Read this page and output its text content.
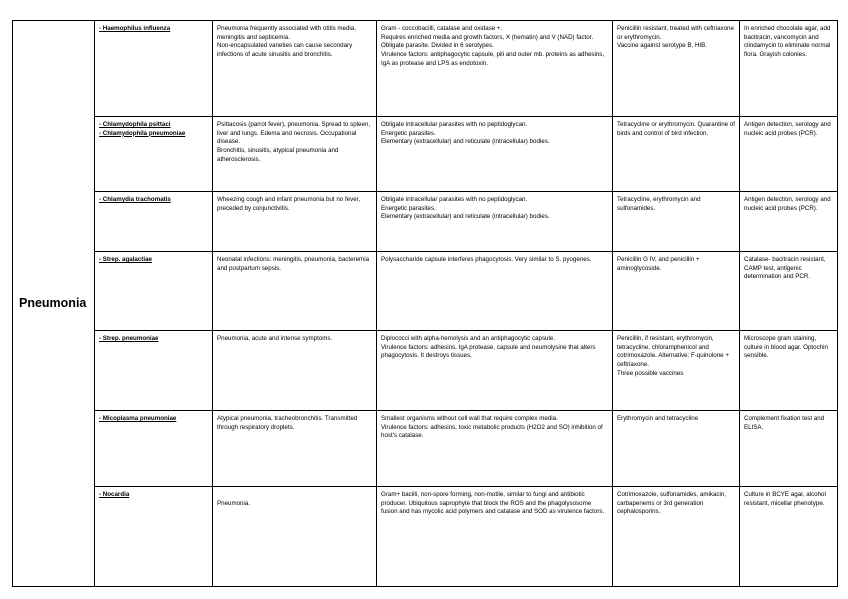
Pneumonia	- Haemophilus influenza	Pneumonia frequently associated with otitis media, meningitis and septicemia.
Non-encapsulated varieties can cause secondary infections of acute sinusitis and bronchitis.	Gram - coccobacilli, catalase and oxidase +.
Requires enriched media and growth factors, X (hematin) and V (NAD) factor.
Obligate parasite. Divided in 6 serotypes.
Virulence factors: antiphagocytic capsule, pili and outer mb. proteins as adhesins, IgA as protease and LPS as endotoxin.	Penicillin resistant, treated with ceftriaxone or erythromycin.
Vaccine against serotype B, HIB.	In enriched chocolate agar, add bacitracin, vancomycin and clindamycin to eliminate normal flora. Grayish colonies.

	- Chlamydophila psittaci
- Chlamydophila pneumoniae	Psittacosis (parrot fever), pneumonia. Spread to spleen, liver and lungs. Edema and necrosis. Occupational disease.
Bronchitis, sinusitis, atypical pneumonia and atherosclerosis.	Obligate intracellular parasites with no peptidoglycan.
Energetic parasites.
Elementary (extracellular) and reticulate (intracellular) bodies.	Tetracycline or erythromycin. Quarantine of birds and control of bird infection.	Antigen detection, serology and nucleic acid probes (PCR).

	- Chlamydia trachomatis	Wheezing cough and infant pneumonia but no fever, preceded by conjunctivitis.	Obligate intracellular parasites with no peptidoglycan.
Energetic parasites.
Elementary (extracellular) and reticulate (intracellular) bodies.	Tetracycline, erythromycin and sulfonamides.	Antigen detection, serology and nucleic acid probes (PCR).

	- Strep. agalactiae	Neonatal infections: meningitis, pneumonia, bacteremia and postpartum sepsis.	Polysaccharide capsule interferes phagocytosis. Very similar to S. pyogenes.	Penicillin G IV, and penicillin + aminoglycoside.	Catalase- bacitracin resistant, CAMP test, antigenic determination and PCR.

	- Strep. pneumoniae	Pneumonia, acute and intense symptoms.	Diplococci with alpha-hemolysis and an antiphagocytic capsule.
Virulence factors: adhesins, IgA protease, capsule and neumolysine that alters phagocytosis. It destroys tissues.	Penicillin, if resistant, erythromycin, tetracycline, chloramphenicol and cotrimoxazole. Alternative: F-quinolone + ceftriaxone.
Three possible vaccines	Microscope gram staining, culture in blood agar. Optochin sensible.

	- Micoplasma pneumoniae	Atypical pneumonia, tracheobronchitis. Transmitted through respiratory droplets.	Smallest organisms without cell wall that require complex media.
Virulence factors: adhesins, toxic metabolic products (H2O2 and SO) inhibition of host's catalase.	Erythromycin and tetracycline	Complement fixation test and ELISA.

	- Nocardia	Pneumonia.	Gram+ bacilli, non-spore forming, non-motile, similar to fungi and antibiotic producer. Ubiquitous saprophyte that block the ROS and the phagolysosome fusion and has mycolic acid polymers and catalase and SOD as virulence factors.	Cotrimoxazole, sulfonamides, amikacin, carbapenems or 3rd generation cephalosporins.	Culture in BCYE agar, alcohol resistant, micellar phenotype.
